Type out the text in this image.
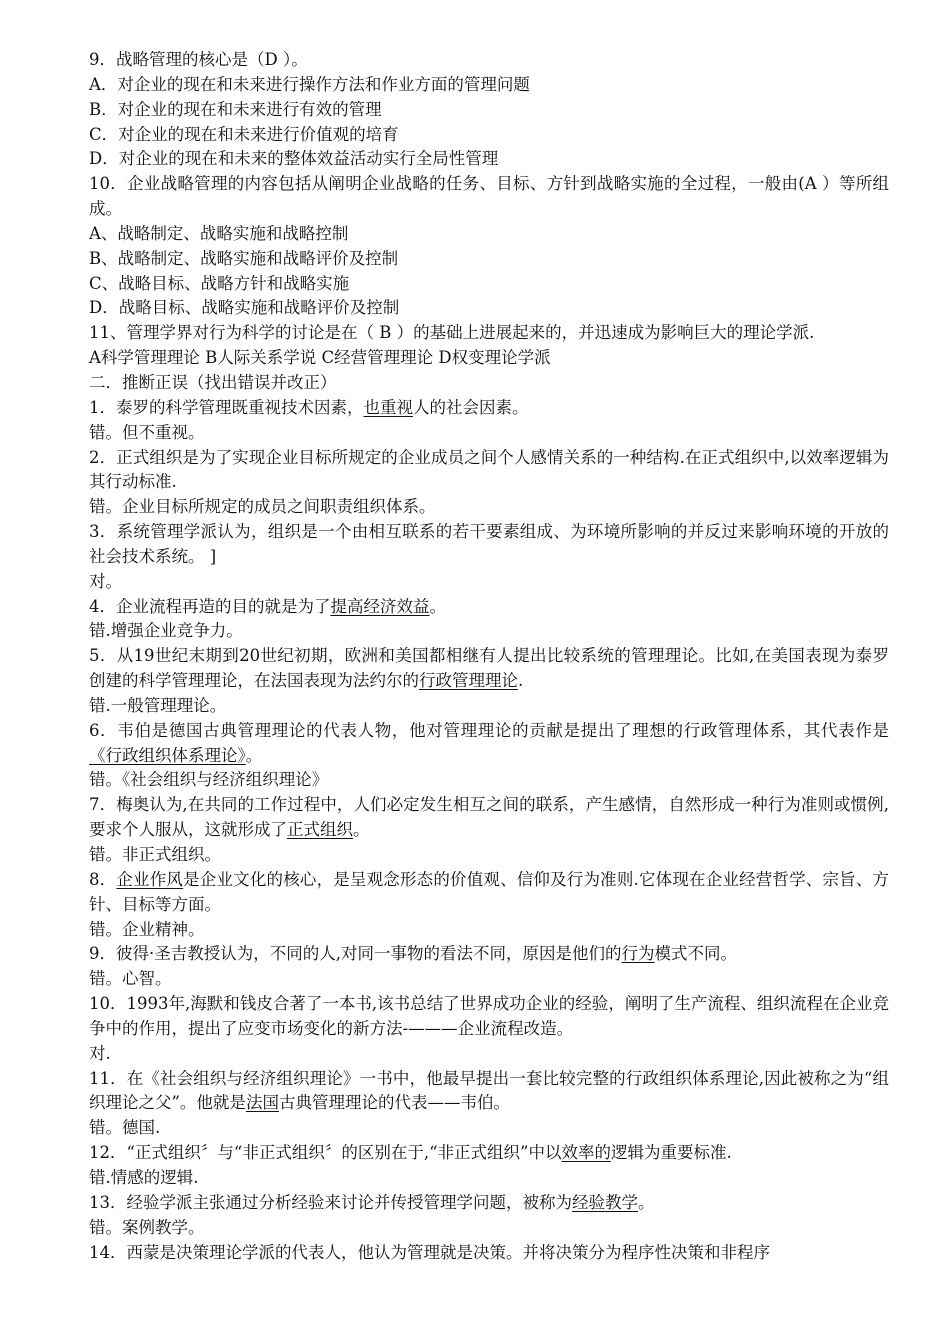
9．战略管理的核心是（D ）。

A．对企业的现在和未来进行操作方法和作业方面的管理问题

B．对企业的现在和未来进行有效的管理

C．对企业的现在和未来进行价值观的培育

D．对企业的现在和未来的整体效益活动实行全局性管理

10．企业战略管理的内容包括从阐明企业战略的任务、目标、方针到战略实施的全过程，一般由(A ）等所组成。

A、战略制定、战略实施和战略控制

B、战略制定、战略实施和战略评价及控制

C、战略目标、战略方针和战略实施

D．战略目标、战略实施和战略评价及控制

11、管理学界对行为科学的讨论是在（ B ）的基础上进展起来的，并迅速成为影响巨大的理论学派.

A科学管理理论 B人际关系学说 C经营管理理论 D权变理论学派

二．推断正误（找出错误并改正）

1．泰罗的科学管理既重视技术因素，也重视人的社会因素。

错。但不重视。

2．正式组织是为了实现企业目标所规定的企业成员之间个人感情关系的一种结构.在正式组织中,以效率逻辑为其行动标准.

错。企业目标所规定的成员之间职责组织体系。

3．系统管理学派认为，组织是一个由相互联系的若干要素组成、为环境所影响的并反过来影响环境的开放的社会技术系统。 ]

对。

4．企业流程再造的目的就是为了提高经济效益。

错.增强企业竞争力。

5．从19世纪末期到20世纪初期，欧洲和美国都相继有人提出比较系统的管理理论。比如,在美国表现为泰罗创建的科学管理理论，在法国表现为法约尔的行政管理理论.

错.一般管理理论。

6．韦伯是德国古典管理理论的代表人物，他对管理理论的贡献是提出了理想的行政管理体系，其代表作是《行政组织体系理论》。

错。《社会组织与经济组织理论》

7．梅奥认为,在共同的工作过程中，人们必定发生相互之间的联系，产生感情，自然形成一种行为准则或惯例,要求个人服从，这就形成了正式组织。

错。非正式组织。

8．企业作风是企业文化的核心，是呈观念形态的价值观、信仰及行为准则.它体现在企业经营哲学、宗旨、方针、目标等方面。

错。企业精神。

9．彼得·圣吉教授认为，不同的人,对同一事物的看法不同，原因是他们的行为模式不同。

错。心智。

10．1993年,海默和钱皮合著了一本书,该书总结了世界成功企业的经验，阐明了生产流程、组织流程在企业竞争中的作用，提出了应变市场变化的新方法-———企业流程改造。

对.

11．在《社会组织与经济组织理论》一书中，他最早提出一套比较完整的行政组织体系理论,因此被称之为“组织理论之父”。他就是法国古典管理理论的代表——韦伯。

错。德国.

12．“正式组织〞与“非正式组织〞的区别在于,“非正式组织”中以效率的逻辑为重要标准.

错.情感的逻辑.

13．经验学派主张通过分析经验来讨论并传授管理学问题，被称为经验教学。

错。案例教学。

14．西蒙是决策理论学派的代表人，他认为管理就是决策。并将决策分为程序性决策和非程序
